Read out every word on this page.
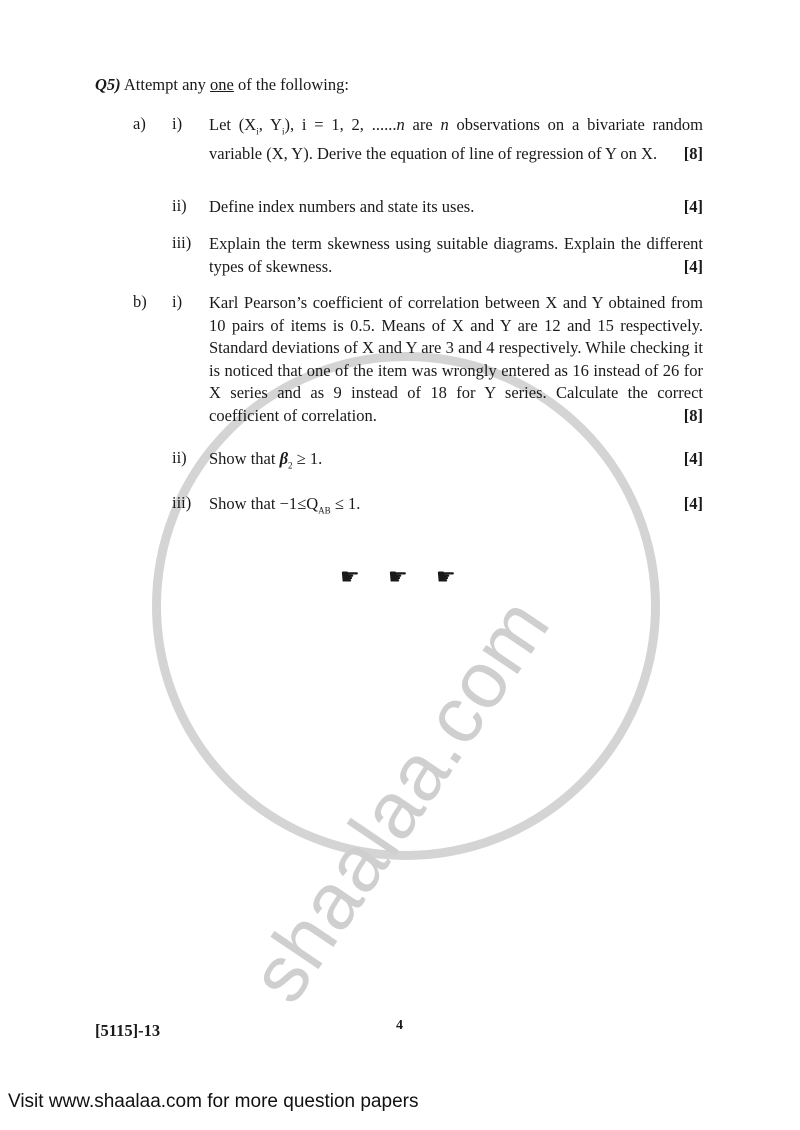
shaalaa.com
Q5) Attempt any one of the following:
a) i) Let ($X_i$, $Y_i$), i = 1, 2, ......n are n observations on a bivariate random variable (X, Y). Derive the equation of line of regression of Y on X. [8]
ii) Define index numbers and state its uses.	[4]
iii) Explain the term skewness using suitable diagrams. Explain the different types of skewness.	[4]
b) i) Karl Pearson’s coefficient of correlation between X and Y obtained from 10 pairs of items is 0.5. Means of X and Y are 12 and 15 respectively. Standard deviations of X and Y are 3 and 4 respectively. While checking it is noticed that one of the item was wrongly entered as 16 instead of 26 for X series and as 9 instead of 18 for Y series. Calculate the correct coefficient of correlation.	[8]
ii) Show that $\beta_2 \ge 1$.	[4]
iii) Show that $-1\le Q_{AB} \le 1$.	[4]
☛ ☛ ☛
[5115]-13	4
Visit www.shaalaa.com for more question papers
